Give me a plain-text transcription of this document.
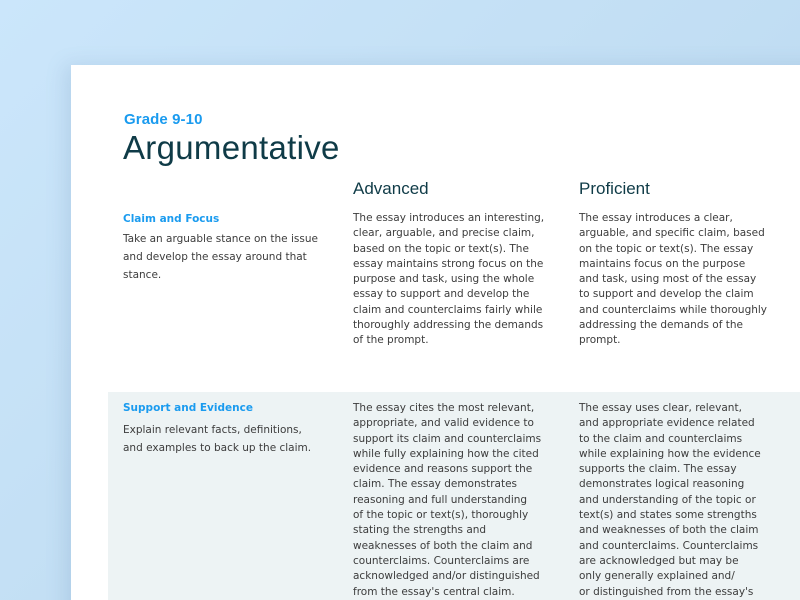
Grade 9-10
Argumentative
Advanced	Proficient
Claim and Focus
Take an arguable stance on the issue
and develop the essay around that
stance.
The essay introduces an interesting,
clear, arguable, and precise claim,
based on the topic or text(s). The
essay maintains strong focus on the
purpose and task, using the whole
essay to support and develop the
claim and counterclaims fairly while
thoroughly addressing the demands
of the prompt.
The essay introduces a clear,
arguable, and specific claim, based
on the topic or text(s). The essay
maintains focus on the purpose
and task, using most of the essay
to support and develop the claim
and counterclaims while thoroughly
addressing the demands of the
prompt.
Support and Evidence
Explain relevant facts, definitions,
and examples to back up the claim.
The essay cites the most relevant,
appropriate, and valid evidence to
support its claim and counterclaims
while fully explaining how the cited
evidence and reasons support the
claim. The essay demonstrates
reasoning and full understanding
of the topic or text(s), thoroughly
stating the strengths and
weaknesses of both the claim and
counterclaims. Counterclaims are
acknowledged and/or distinguished
from the essay's central claim.
The essay uses clear, relevant,
and appropriate evidence related
to the claim and counterclaims
while explaining how the evidence
supports the claim. The essay
demonstrates logical reasoning
and understanding of the topic or
text(s) and states some strengths
and weaknesses of both the claim
and counterclaims. Counterclaims
are acknowledged but may be
only generally explained and/
or distinguished from the essay's
